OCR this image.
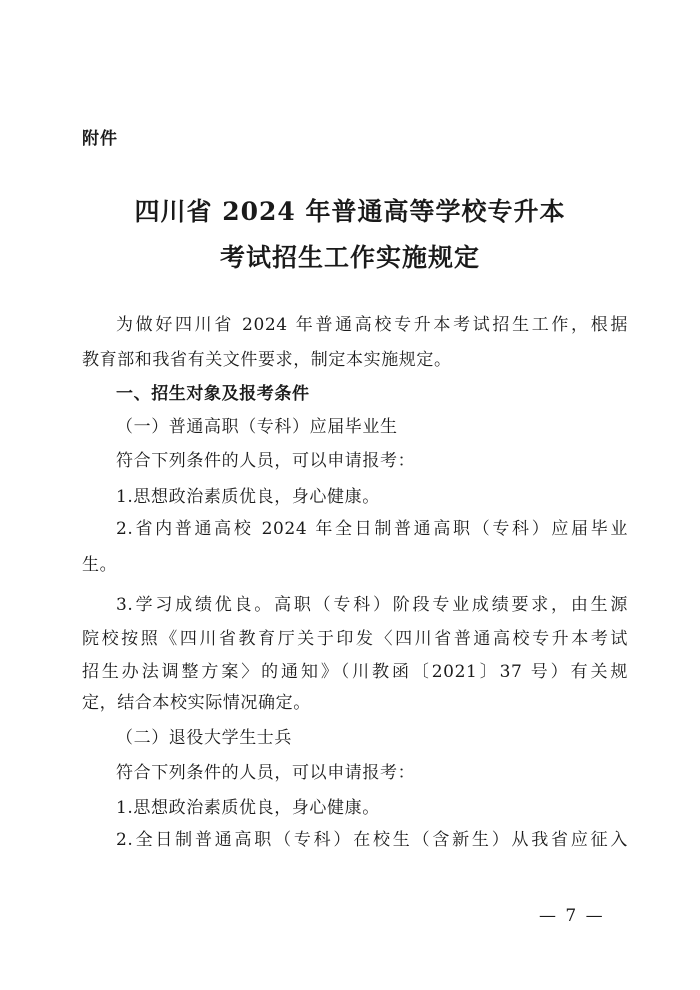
附件
四川省 2024 年普通高等学校专升本
考试招生工作实施规定
为做好四川省 2024 年普通高校专升本考试招生工作，根据
教育部和我省有关文件要求，制定本实施规定。
一、招生对象及报考条件
（一）普通高职（专科）应届毕业生
符合下列条件的人员，可以申请报考：
1.思想政治素质优良，身心健康。
2.省内普通高校 2024 年全日制普通高职（专科）应届毕业
生。
3.学习成绩优良。高职（专科）阶段专业成绩要求，由生源
院校按照《四川省教育厅关于印发〈四川省普通高校专升本考试
招生办法调整方案〉的通知》（川教函〔2021〕37 号）有关规
定，结合本校实际情况确定。
（二）退役大学生士兵
符合下列条件的人员，可以申请报考：
1.思想政治素质优良，身心健康。
2.全日制普通高职（专科）在校生（含新生）从我省应征入
— 7 —
